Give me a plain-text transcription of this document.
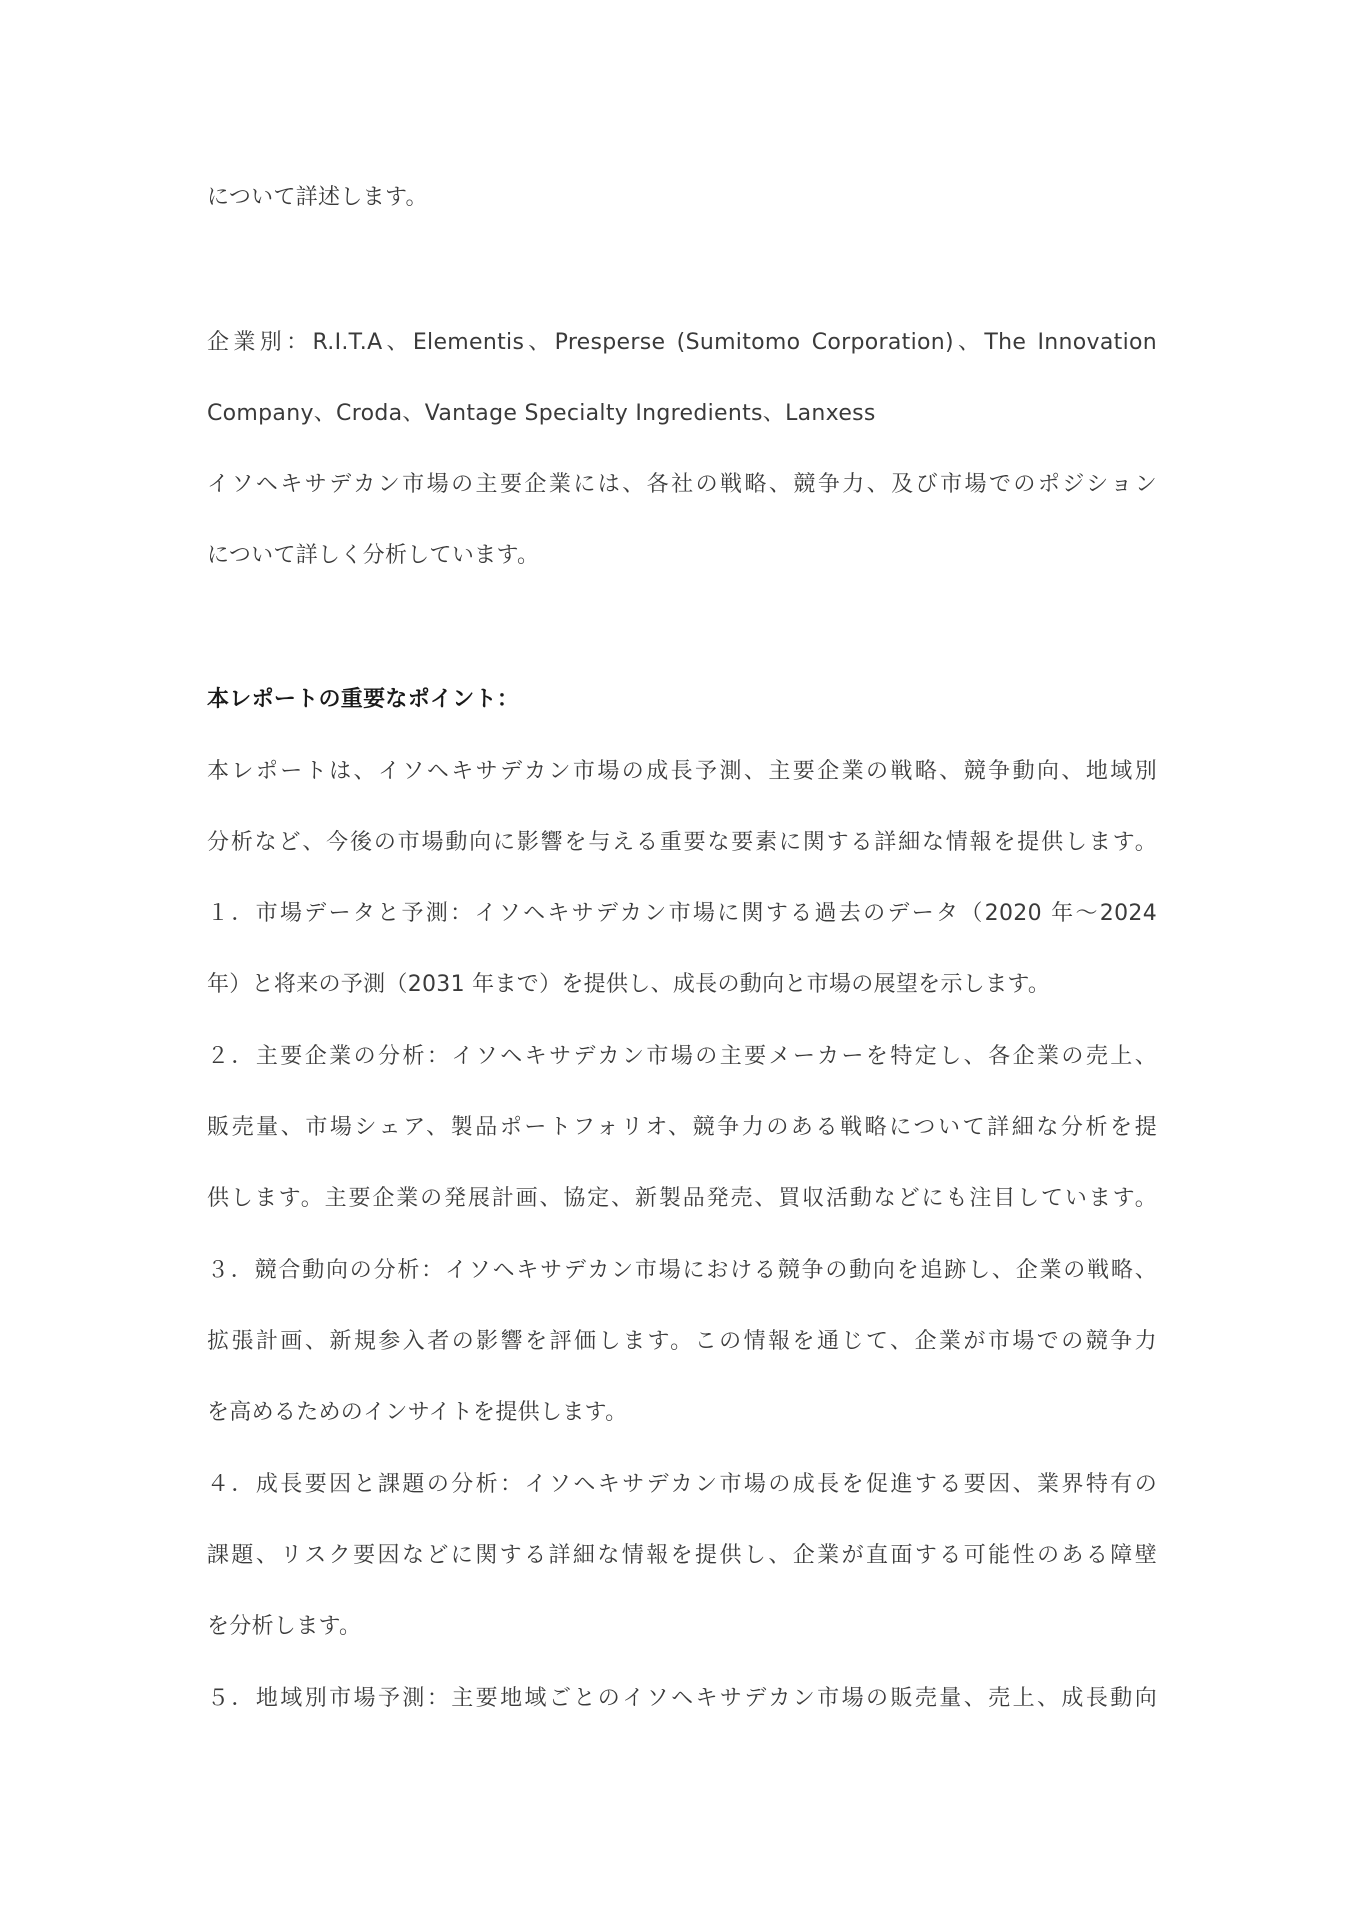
について詳述します。
企業別：R.I.T.A、Elementis、Presperse (Sumitomo Corporation)、The Innovation
Company、Croda、Vantage Specialty Ingredients、Lanxess
イソヘキサデカン市場の主要企業には、各社の戦略、競争力、及び市場でのポジション
について詳しく分析しています。
本レポートの重要なポイント：
本レポートは、イソヘキサデカン市場の成長予測、主要企業の戦略、競争動向、地域別
分析など、今後の市場動向に影響を与える重要な要素に関する詳細な情報を提供します。
１．市場データと予測：イソヘキサデカン市場に関する過去のデータ（2020 年～2024
年）と将来の予測（2031 年まで）を提供し、成長の動向と市場の展望を示します。
２．主要企業の分析：イソヘキサデカン市場の主要メーカーを特定し、各企業の売上、
販売量、市場シェア、製品ポートフォリオ、競争力のある戦略について詳細な分析を提
供します。主要企業の発展計画、協定、新製品発売、買収活動などにも注目しています。
３．競合動向の分析：イソヘキサデカン市場における競争の動向を追跡し、企業の戦略、
拡張計画、新規参入者の影響を評価します。この情報を通じて、企業が市場での競争力
を高めるためのインサイトを提供します。
４．成長要因と課題の分析：イソヘキサデカン市場の成長を促進する要因、業界特有の
課題、リスク要因などに関する詳細な情報を提供し、企業が直面する可能性のある障壁
を分析します。
５．地域別市場予測：主要地域ごとのイソヘキサデカン市場の販売量、売上、成長動向
